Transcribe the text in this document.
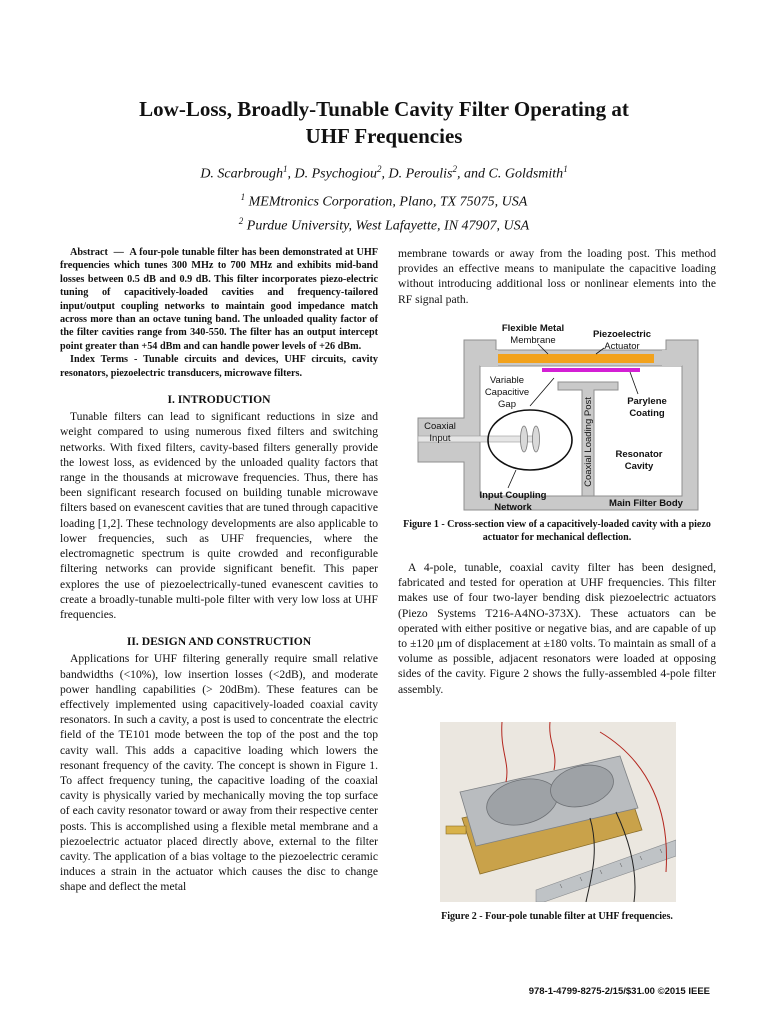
Low-Loss, Broadly-Tunable Cavity Filter Operating at
UHF Frequencies
D. Scarbrough$^1$, D. Psychogiou$^2$, D. Peroulis$^2$, and C. Goldsmith$^1$
$^1$ MEMtronics Corporation, Plano, TX 75075, USA
$^2$ Purdue University, West Lafayette, IN 47907, USA

Abstract — A four-pole tunable filter has been demonstrated at UHF frequencies which tunes 300 MHz to 700 MHz and exhibits mid-band losses between 0.5 dB and 0.9 dB. This filter incorporates piezo-electric tuning of capacitively-loaded cavities and frequency-tailored input/output coupling networks to maintain good impedance match across more than an octave tuning band. The unloaded quality factor of the filter cavities range from 340-550. The filter has an output intercept point greater than +54 dBm and can handle power levels of +26 dBm.

Index Terms - Tunable circuits and devices, UHF circuits, cavity resonators, piezoelectric transducers, microwave filters.

I. INTRODUCTION

Tunable filters can lead to significant reductions in size and weight compared to using numerous fixed filters and switching networks. With fixed filters, cavity-based filters generally provide the lowest loss, as evidenced by the unloaded quality factors that range in the thousands at microwave frequencies. Thus, there has been significant research focused on building tunable microwave filters based on evanescent cavities that are tuned through capacitive loading [1,2]. These technology developments are also applicable to lower frequencies, such as UHF frequencies, where the electromagnetic spectrum is quite crowded and reconfigurable filtering networks can provide significant benefit. This paper explores the use of piezoelectrically-tuned evanescent cavities to create a broadly-tunable multi-pole filter with very low loss at UHF frequencies.

II. DESIGN AND CONSTRUCTION

Applications for UHF filtering generally require small relative bandwidths (<10%), low insertion losses (<2dB), and moderate power handling capabilities (> 20dBm). These features can be effectively implemented using capacitively-loaded coaxial cavity resonators. In such a cavity, a post is used to concentrate the electric field of the TE101 mode between the top of the post and the top cavity wall. This adds a capacitive loading which lowers the resonant frequency of the cavity. The concept is shown in Figure 1. To affect frequency tuning, the capacitive loading of the coaxial cavity is physically varied by mechanically moving the top surface of each cavity resonator toward or away from their respective center posts. This is accomplished using a flexible metal membrane and a piezoelectric actuator placed directly above, external to the filter cavity. The application of a bias voltage to the piezoelectric ceramic induces a strain in the actuator which causes the disc to change shape and deflect the metal

membrane towards or away from the loading post. This method provides an effective means to manipulate the capacitive loading without introducing additional loss or nonlinear elements into the RF signal path.

Flexible Metal
Membrane
Piezoelectric
Actuator
Variable
Capacitive
Gap	Parylene
Coating
Coaxial
Input	Coaxial Loading Post Resonator
Cavity
Input Coupling
Network	Main Filter Body
Figure 1 - Cross-section view of a capacitively-loaded cavity with a piezo actuator for mechanical deflection.

A 4-pole, tunable, coaxial cavity filter has been designed, fabricated and tested for operation at UHF frequencies. This filter makes use of four two-layer bending disk piezoelectric actuators (Piezo Systems T216-A4NO-373X). These actuators can be operated with either positive or negative bias, and are capable of up to ±120 μm of displacement at ±180 volts. To maintain as small of a volume as possible, adjacent resonators were loaded at opposing sides of the cavity. Figure 2 shows the fully-assembled 4-pole filter assembly.

Figure 2 - Four-pole tunable filter at UHF frequencies.
978-1-4799-8275-2/15/$31.00 ©2015 IEEE
